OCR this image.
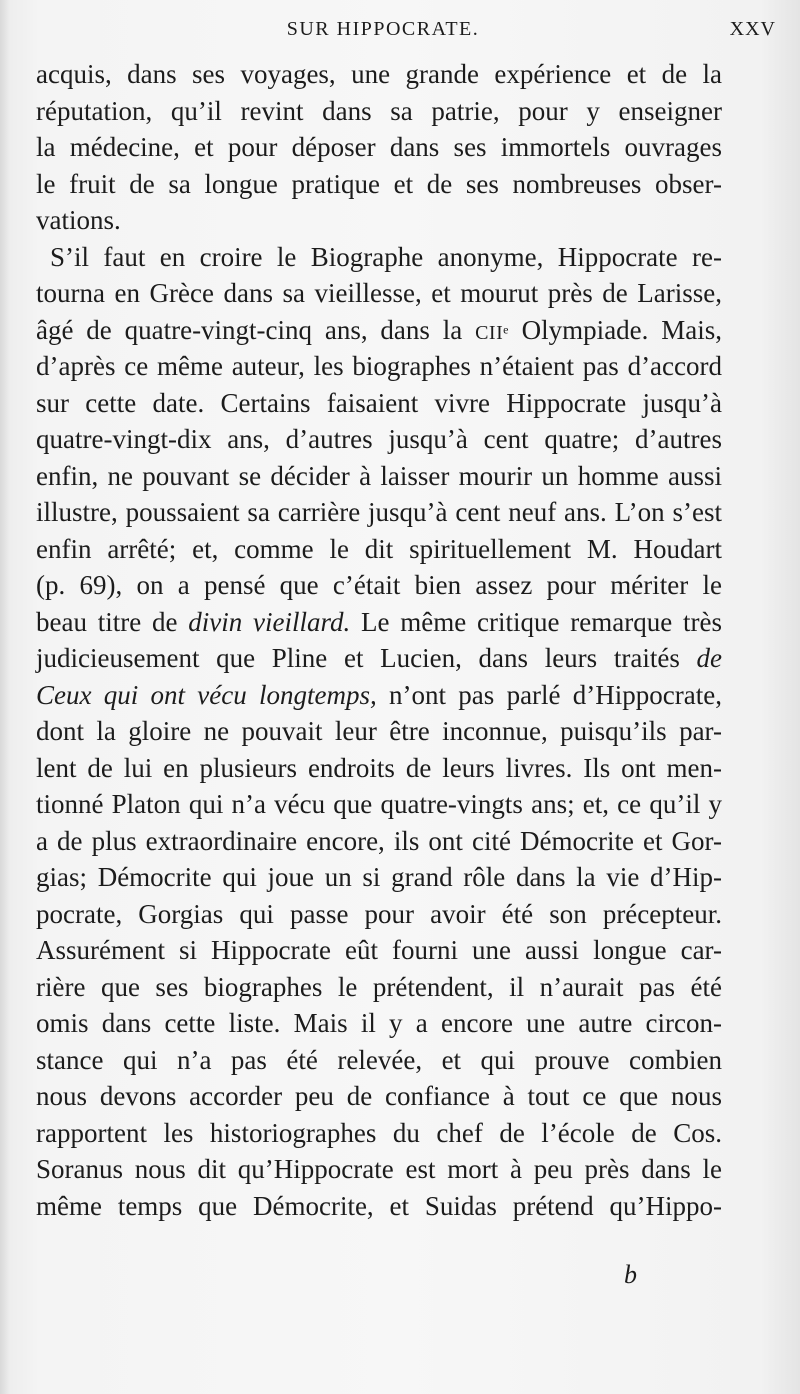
SUR HIPPOCRATE.	XXV
acquis, dans ses voyages, une grande expérience et de la
réputation, qu’il revint dans sa patrie, pour y enseigner
la médecine, et pour déposer dans ses immortels ouvrages
le fruit de sa longue pratique et de ses nombreuses obser-
vations.
S’il faut en croire le Biographe anonyme, Hippocrate re-
tourna en Grèce dans sa vieillesse, et mourut près de Larisse,
âgé de quatre-vingt-cinq ans, dans la CIIᵉ Olympiade. Mais,
d’après ce même auteur, les biographes n’étaient pas d’accord
sur cette date. Certains faisaient vivre Hippocrate jusqu’à
quatre-vingt-dix ans, d’autres jusqu’à cent quatre; d’autres
enfin, ne pouvant se décider à laisser mourir un homme aussi
illustre, poussaient sa carrière jusqu’à cent neuf ans. L’on s’est
enfin arrêté; et, comme le dit spirituellement M. Houdart
(p. 69), on a pensé que c’était bien assez pour mériter le
beau titre de divin vieillard. Le même critique remarque très
judicieusement que Pline et Lucien, dans leurs traités de
Ceux qui ont vécu longtemps, n’ont pas parlé d’Hippocrate,
dont la gloire ne pouvait leur être inconnue, puisqu’ils par-
lent de lui en plusieurs endroits de leurs livres. Ils ont men-
tionné Platon qui n’a vécu que quatre-vingts ans; et, ce qu’il y
a de plus extraordinaire encore, ils ont cité Démocrite et Gor-
gias; Démocrite qui joue un si grand rôle dans la vie d’Hip-
pocrate, Gorgias qui passe pour avoir été son précepteur.
Assurément si Hippocrate eût fourni une aussi longue car-
rière que ses biographes le prétendent, il n’aurait pas été
omis dans cette liste. Mais il y a encore une autre circon-
stance qui n’a pas été relevée, et qui prouve combien
nous devons accorder peu de confiance à tout ce que nous
rapportent les historiographes du chef de l’école de Cos.
Soranus nous dit qu’Hippocrate est mort à peu près dans le
même temps que Démocrite, et Suidas prétend qu’Hippo-
b
